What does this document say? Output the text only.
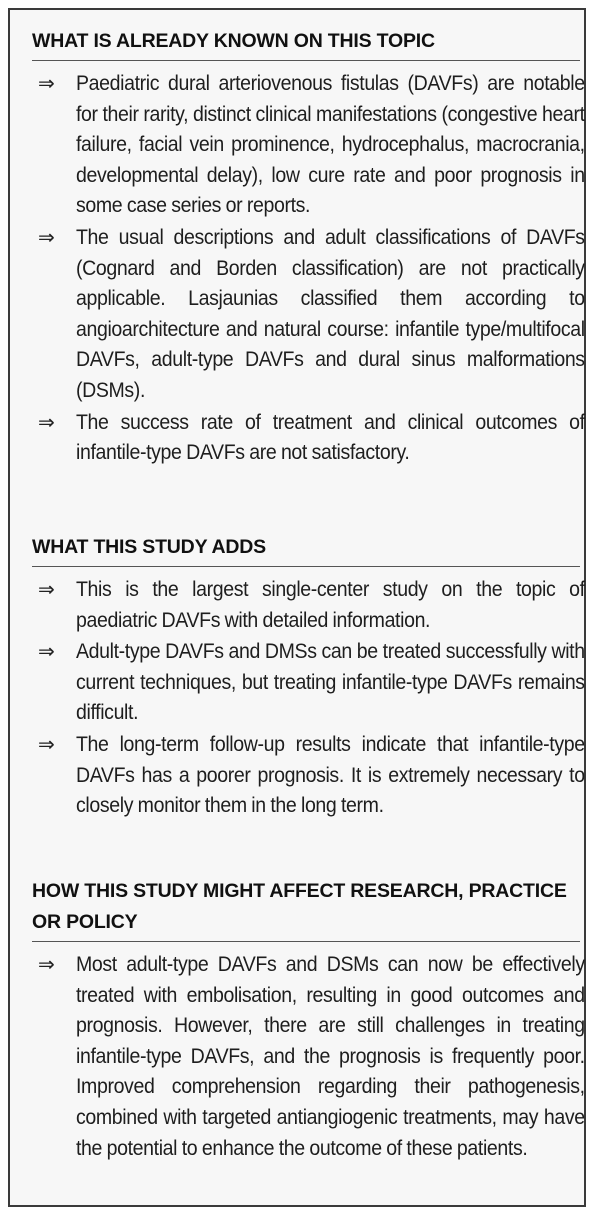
WHAT IS ALREADY KNOWN ON THIS TOPIC
⇒ Paediatric dural arteriovenous fistulas (DAVFs) are notable for their rarity, distinct clinical manifestations (congestive heart failure, facial vein prominence, hydrocephalus, macrocrania, developmental delay), low cure rate and poor prognosis in some case series or reports.
⇒ The usual descriptions and adult classifications of DAVFs (Cognard and Borden classification) are not practically applicable. Lasjaunias classified them according to angioarchitecture and natural course: infantile type/multifocal DAVFs, adult-type DAVFs and dural sinus malformations (DSMs).
⇒ The success rate of treatment and clinical outcomes of infantile-type DAVFs are not satisfactory.
WHAT THIS STUDY ADDS
⇒ This is the largest single-center study on the topic of paediatric DAVFs with detailed information.
⇒ Adult-type DAVFs and DMSs can be treated successfully with current techniques, but treating infantile-type DAVFs remains difficult.
⇒ The long-term follow-up results indicate that infantile-type DAVFs has a poorer prognosis. It is extremely necessary to closely monitor them in the long term.
HOW THIS STUDY MIGHT AFFECT RESEARCH, PRACTICE OR POLICY
⇒ Most adult-type DAVFs and DSMs can now be effectively treated with embolisation, resulting in good outcomes and prognosis. However, there are still challenges in treating infantile-type DAVFs, and the prognosis is frequently poor. Improved comprehension regarding their pathogenesis, combined with targeted antiangiogenic treatments, may have the potential to enhance the outcome of these patients.
